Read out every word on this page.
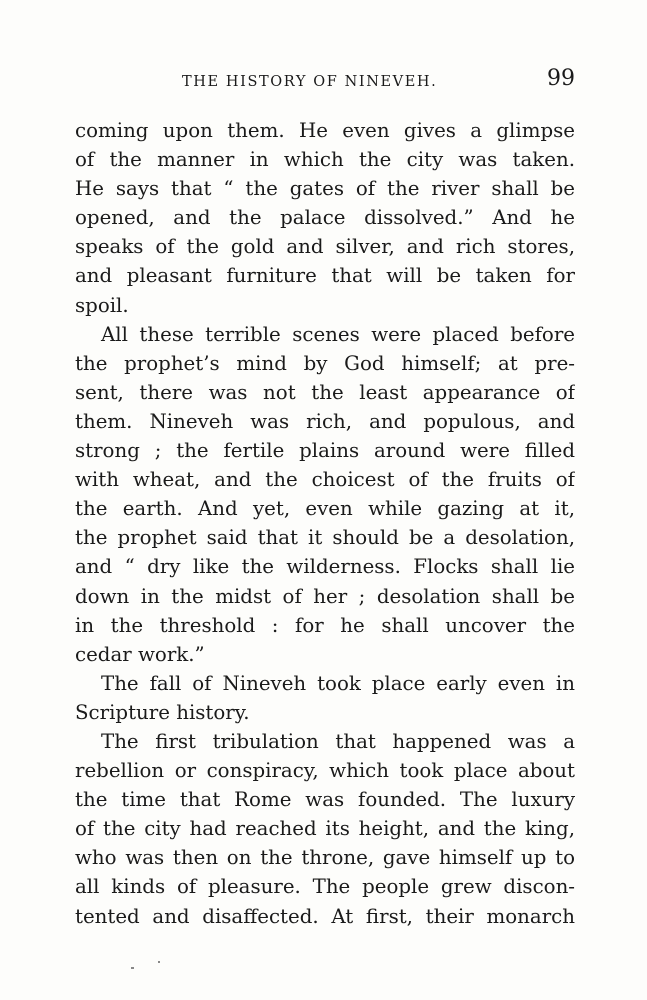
THE HISTORY OF NINEVEH.	99
coming upon them. He even gives a glimpse
of the manner in which the city was taken.
He says that “ the gates of the river shall be
opened, and the palace dissolved.” And he
speaks of the gold and silver, and rich stores,
and pleasant furniture that will be taken for
spoil.
All these terrible scenes were placed before
the prophet’s mind by God himself; at pre-
sent, there was not the least appearance of
them. Nineveh was rich, and populous, and
strong ; the fertile plains around were filled
with wheat, and the choicest of the fruits of
the earth. And yet, even while gazing at it,
the prophet said that it should be a desolation,
and “ dry like the wilderness. Flocks shall lie
down in the midst of her ; desolation shall be
in the threshold : for he shall uncover the
cedar work.”
The fall of Nineveh took place early even in
Scripture history.
The first tribulation that happened was a
rebellion or conspiracy, which took place about
the time that Rome was founded. The luxury
of the city had reached its height, and the king,
who was then on the throne, gave himself up to
all kinds of pleasure. The people grew discon-
tented and disaffected. At first, their monarch
